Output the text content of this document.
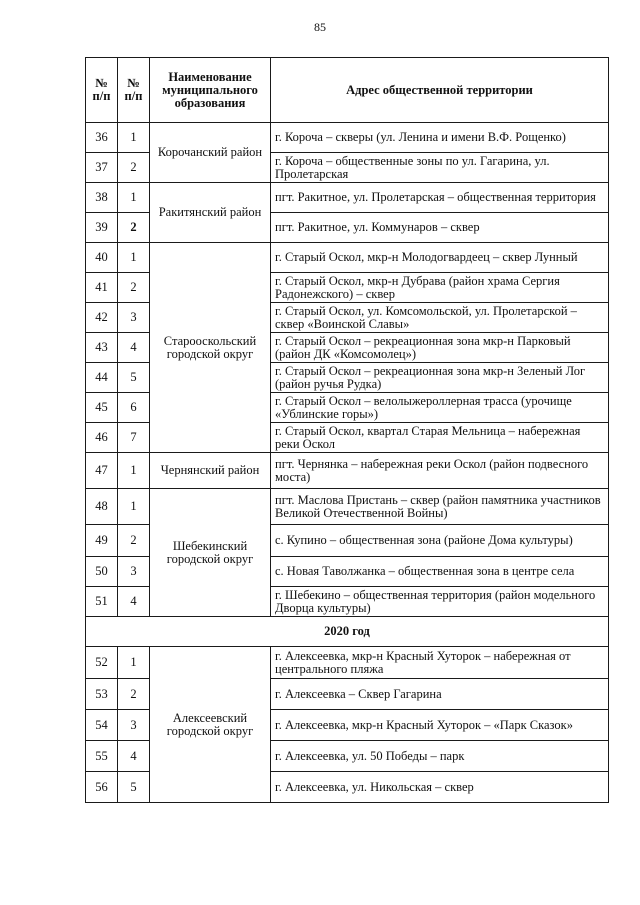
85
№ п/п	№ п/п	Наименование муниципального образования	Адрес общественной территории
36	1	Корочанский район	г. Короча – скверы (ул. Ленина и имени В.Ф. Рощенко)
37	2		г. Короча – общественные зоны по ул. Гагарина, ул. Пролетарская
38	1	Ракитянский район	пгт. Ракитное, ул. Пролетарская – общественная территория
39	2		пгт. Ракитное, ул. Коммунаров – сквер
40	1	Старооскольский городской округ	г. Старый Оскол, мкр-н Молодогвардеец – сквер Лунный
41	2		г. Старый Оскол, мкр-н Дубрава (район храма Сергия Радонежского) – сквер
42	3		г. Старый Оскол, ул. Комсомольской, ул. Пролетарской – сквер «Воинской Славы»
43	4		г. Старый Оскол – рекреационная зона мкр-н Парковый (район ДК «Комсомолец»)
44	5		г. Старый Оскол – рекреационная зона мкр-н Зеленый Лог (район ручья Рудка)
45	6		г. Старый Оскол – велолыжероллерная трасса (урочище «Ублинские горы»)
46	7		г. Старый Оскол, квартал Старая Мельница – набережная реки Оскол
47	1	Чернянский район	пгт. Чернянка – набережная реки Оскол (район подвесного моста)
48	1	Шебекинский городской округ	пгт. Маслова Пристань – сквер (район памятника участников Великой Отечественной Войны)
49	2		с. Купино – общественная зона (районе Дома культуры)
50	3		с. Новая Таволжанка – общественная зона в центре села
51	4		г. Шебекино – общественная территория (район модельного Дворца культуры)
2020 год			
52	1	Алексеевский городской округ	г. Алексеевка, мкр-н Красный Хуторок – набережная от центрального пляжа
53	2		г. Алексеевка – Сквер Гагарина
54	3		г. Алексеевка, мкр-н Красный Хуторок – «Парк Сказок»
55	4		г. Алексеевка, ул. 50 Победы – парк
56	5		г. Алексеевка, ул. Никольская – сквер
